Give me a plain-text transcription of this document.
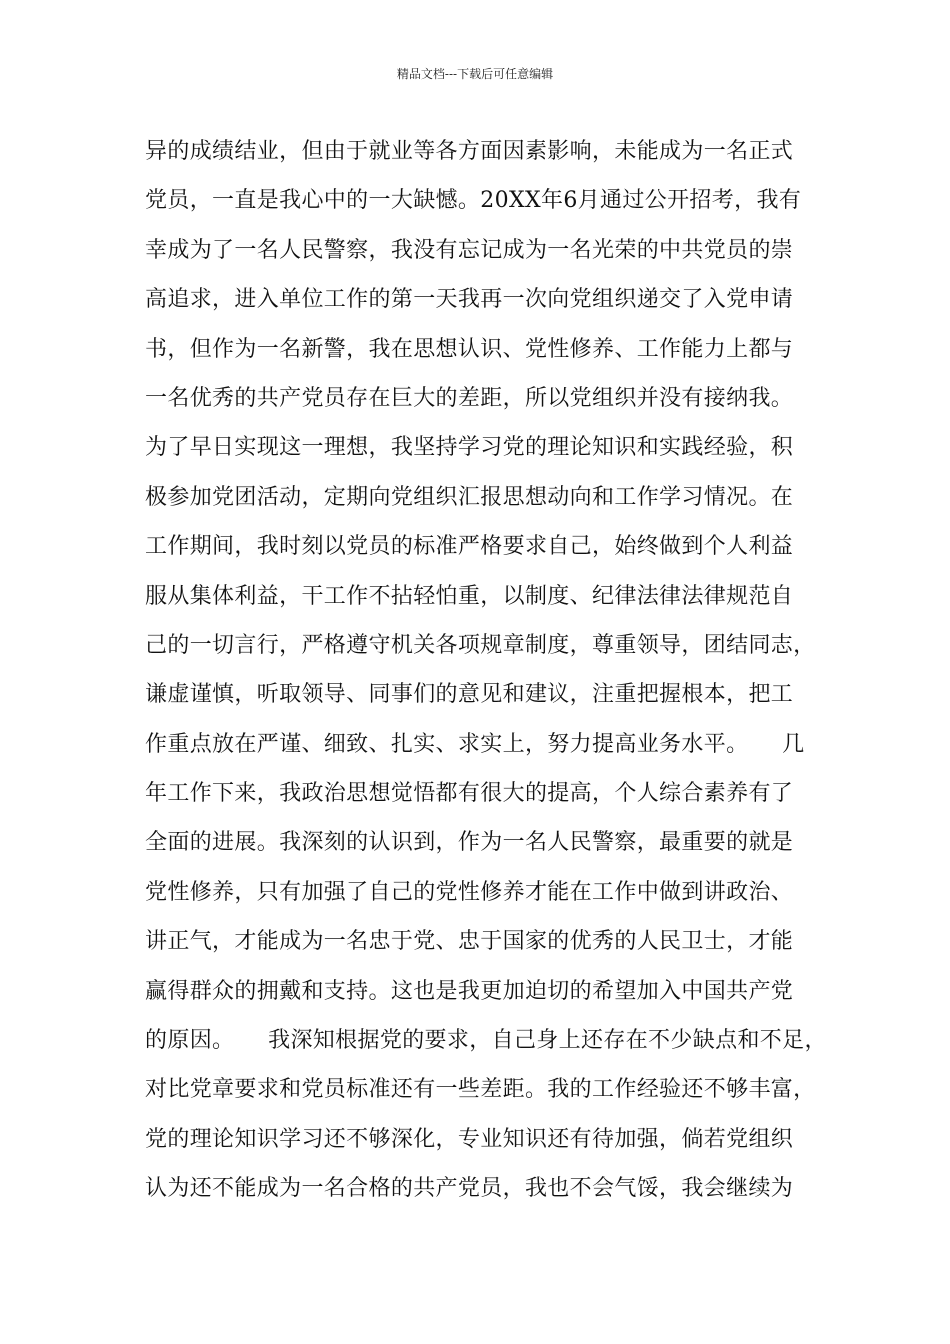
精品文档---下载后可任意编辑
异的成绩结业，但由于就业等各方面因素影响，未能成为一名正式
党员，一直是我心中的一大缺憾。20XX年6月通过公开招考，我有
幸成为了一名人民警察，我没有忘记成为一名光荣的中共党员的崇
高追求，进入单位工作的第一天我再一次向党组织递交了入党申请
书，但作为一名新警，我在思想认识、党性修养、工作能力上都与
一名优秀的共产党员存在巨大的差距，所以党组织并没有接纳我。
为了早日实现这一理想，我坚持学习党的理论知识和实践经验，积
极参加党团活动，定期向党组织汇报思想动向和工作学习情况。在
工作期间，我时刻以党员的标准严格要求自己，始终做到个人利益
服从集体利益，干工作不拈轻怕重，以制度、纪律法律法律规范自
己的一切言行，严格遵守机关各项规章制度，尊重领导，团结同志，
谦虚谨慎，听取领导、同事们的意见和建议，注重把握根本，把工
作重点放在严谨、细致、扎实、求实上，努力提高业务水平。　　几
年工作下来，我政治思想觉悟都有很大的提高，个人综合素养有了
全面的进展。我深刻的认识到，作为一名人民警察，最重要的就是
党性修养，只有加强了自己的党性修养才能在工作中做到讲政治、
讲正气，才能成为一名忠于党、忠于国家的优秀的人民卫士，才能
赢得群众的拥戴和支持。这也是我更加迫切的希望加入中国共产党
的原因。　　我深知根据党的要求，自己身上还存在不少缺点和不足，
对比党章要求和党员标准还有一些差距。我的工作经验还不够丰富，
党的理论知识学习还不够深化，专业知识还有待加强，倘若党组织
认为还不能成为一名合格的共产党员，我也不会气馁，我会继续为
